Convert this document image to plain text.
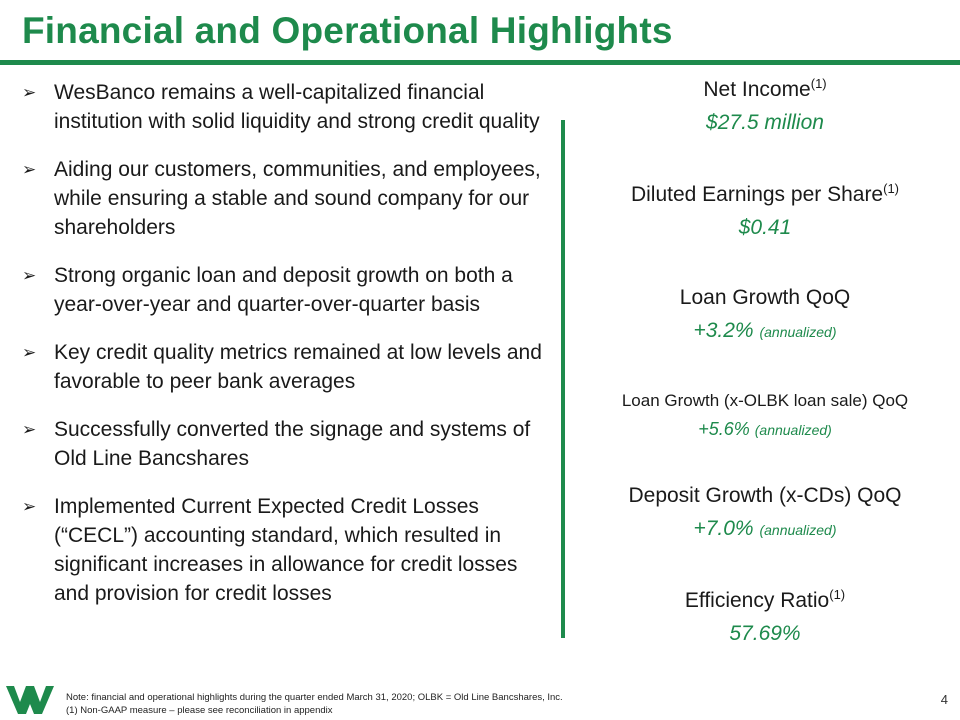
Financial and Operational Highlights
➢ WesBanco remains a well-capitalized financial institution with solid liquidity and strong credit quality
➢ Aiding our customers, communities, and employees, while ensuring a stable and sound company for our shareholders
➢ Strong organic loan and deposit growth on both a year-over-year and quarter-over-quarter basis
➢ Key credit quality metrics remained at low levels and favorable to peer bank averages
➢ Successfully converted the signage and systems of Old Line Bancshares
➢ Implemented Current Expected Credit Losses (“CECL”) accounting standard, which resulted in significant increases in allowance for credit losses and provision for credit losses
Net Income$^{(1)}$
$27.5 million
Diluted Earnings per Share$^{(1)}$
$0.41
Loan Growth QoQ
+3.2% (annualized)
Loan Growth (x-OLBK loan sale) QoQ
+5.6% (annualized)
Deposit Growth (x-CDs) QoQ
+7.0% (annualized)
Efficiency Ratio$^{(1)}$
57.69%
Note: financial and operational highlights during the quarter ended March 31, 2020; OLBK = Old Line Bancshares, Inc.
(1) Non-GAAP measure – please see reconciliation in appendix
4
